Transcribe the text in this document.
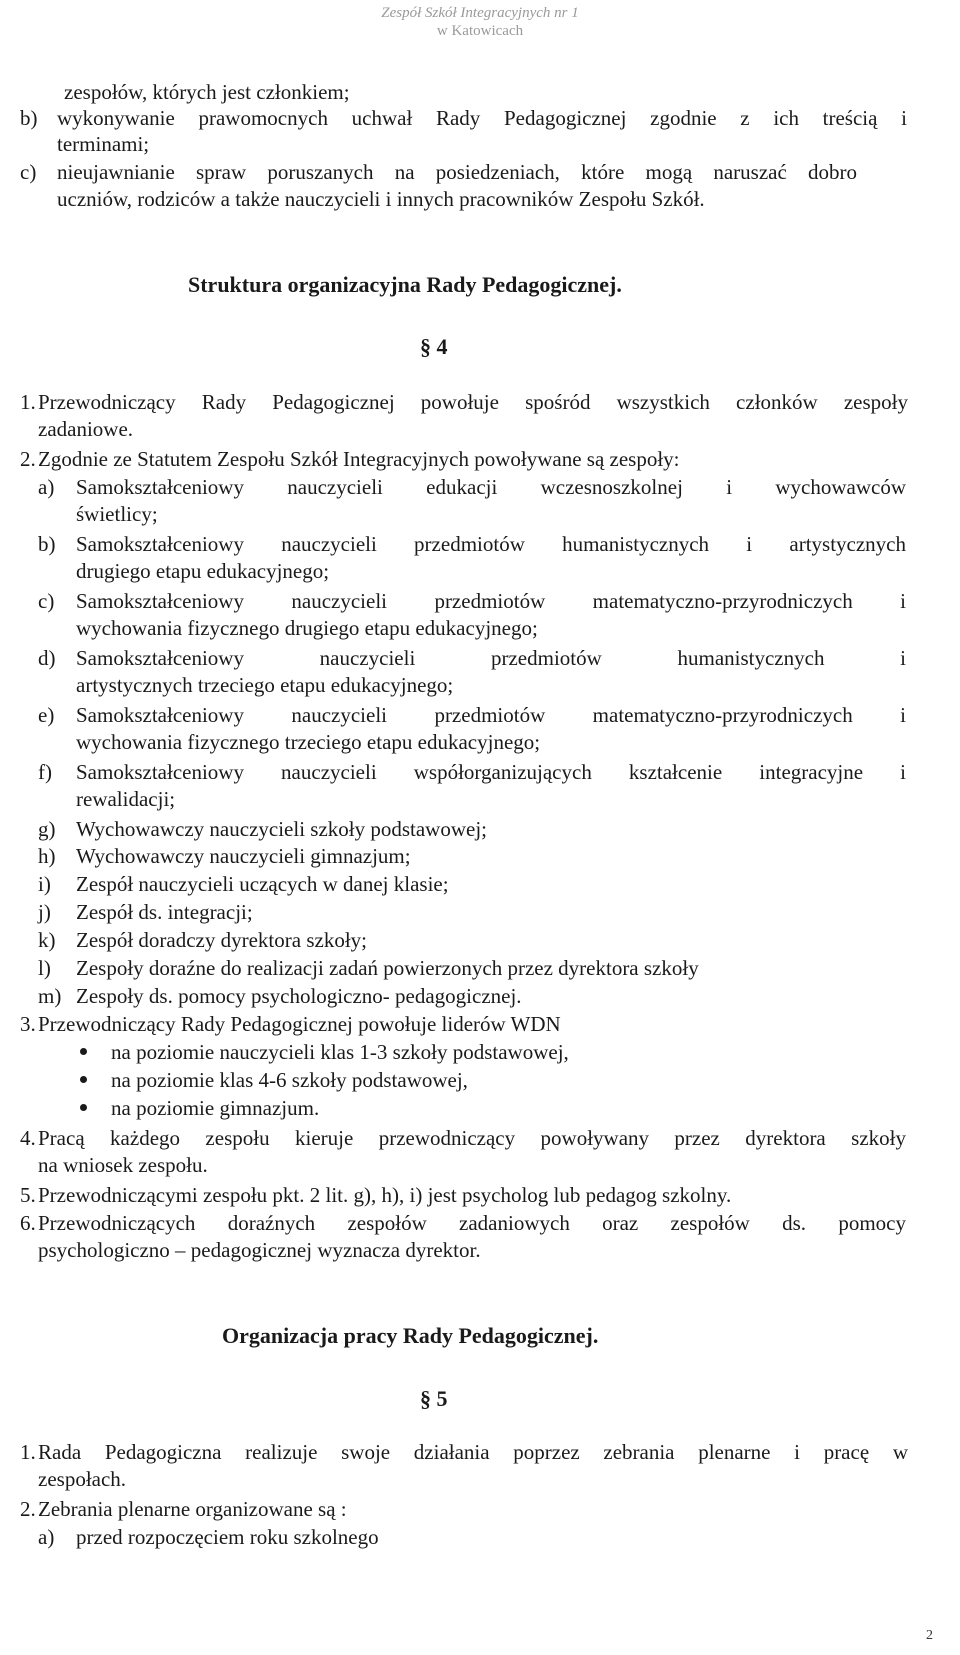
Zespół Szkół Integracyjnych nr 1
w Katowicach
zespołów, których jest członkiem;
b) wykonywanie prawomocnych uchwał Rady Pedagogicznej zgodnie z ich treścią i
terminami;
c) nieujawnianie spraw poruszanych na posiedzeniach, które mogą naruszać dobro
uczniów, rodziców a także nauczycieli i innych pracowników Zespołu Szkół.
Struktura organizacyjna Rady Pedagogicznej.
§ 4
1. Przewodniczący Rady Pedagogicznej powołuje spośród wszystkich członków zespoły
zadaniowe.
2. Zgodnie ze Statutem Zespołu Szkół Integracyjnych powoływane są zespoły:
a) Samokształceniowy nauczycieli edukacji wczesnoszkolnej i wychowawców
świetlicy;
b) Samokształceniowy nauczycieli przedmiotów humanistycznych i artystycznych
drugiego etapu edukacyjnego;
c) Samokształceniowy nauczycieli przedmiotów matematyczno-przyrodniczych i
wychowania fizycznego drugiego etapu edukacyjnego;
d) Samokształceniowy nauczycieli przedmiotów humanistycznych i
artystycznych trzeciego etapu edukacyjnego;
e) Samokształceniowy nauczycieli przedmiotów matematyczno-przyrodniczych i
wychowania fizycznego trzeciego etapu edukacyjnego;
f) Samokształceniowy nauczycieli współorganizujących kształcenie integracyjne i
rewalidacji;
g) Wychowawczy nauczycieli szkoły podstawowej;
h) Wychowawczy nauczycieli gimnazjum;
i) Zespół nauczycieli uczących w danej klasie;
j) Zespół ds. integracji;
k) Zespół doradczy dyrektora szkoły;
l) Zespoły doraźne do realizacji zadań powierzonych przez dyrektora szkoły
m) Zespoły ds. pomocy psychologiczno- pedagogicznej.
3. Przewodniczący Rady Pedagogicznej powołuje liderów WDN
na poziomie nauczycieli klas 1-3 szkoły podstawowej,
na poziomie klas 4-6 szkoły podstawowej,
na poziomie gimnazjum.
4. Pracą każdego zespołu kieruje przewodniczący powoływany przez dyrektora szkoły
na wniosek zespołu.
5. Przewodniczącymi zespołu pkt. 2 lit. g), h), i) jest psycholog lub pedagog szkolny.
6. Przewodniczących doraźnych zespołów zadaniowych oraz zespołów ds. pomocy
psychologiczno – pedagogicznej wyznacza dyrektor.
Organizacja pracy Rady Pedagogicznej.
§ 5
1. Rada Pedagogiczna realizuje swoje działania poprzez zebrania plenarne i pracę w
zespołach.
2. Zebrania plenarne organizowane są :
a) przed rozpoczęciem roku szkolnego
2
